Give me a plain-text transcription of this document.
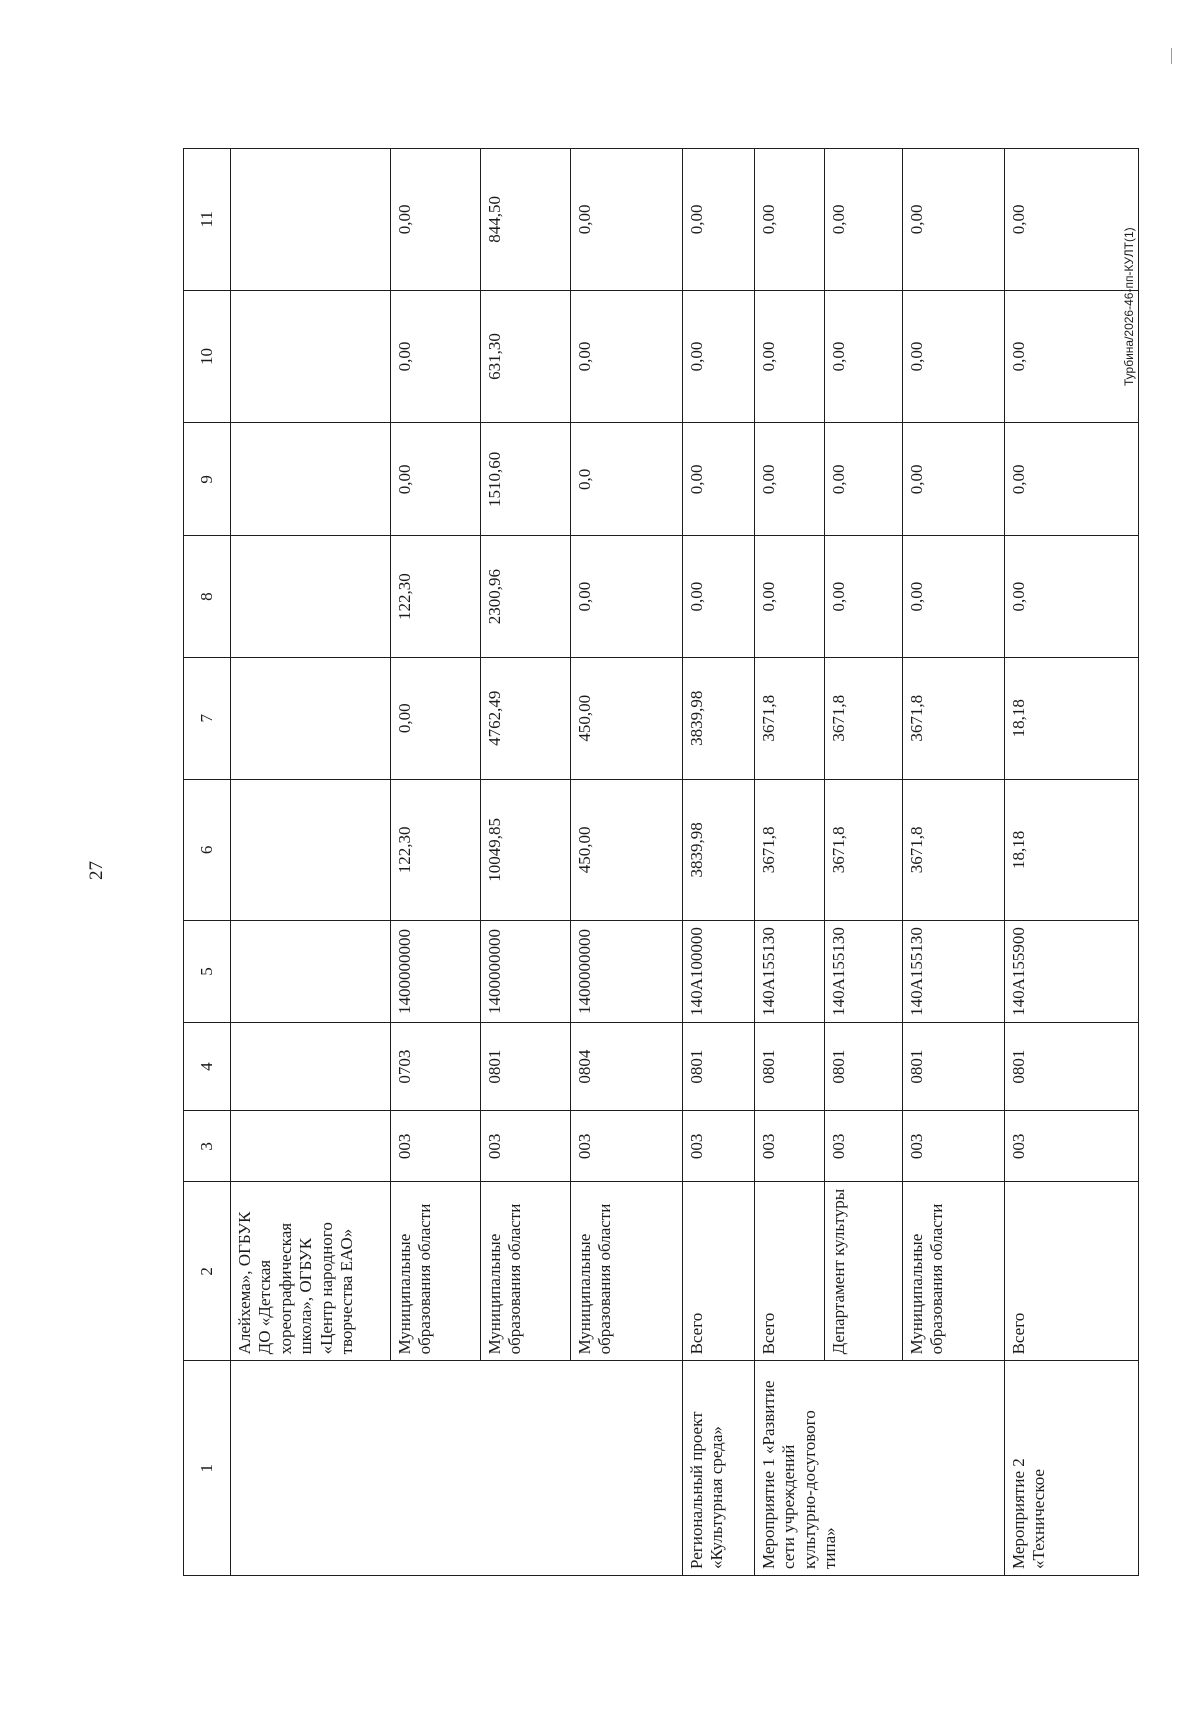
27
Турбина/2026-46-пп-КУЛТ(1)
1	2	3	4	5	6	7	8	9	10	11
	Алейхема», ОГБУК ДО «Детская хореографическая школа», ОГБУК «Центр народного творчества ЕАО»									
	Муниципальные образования области	003	0703	1400000000	122,30	0,00	122,30	0,00	0,00	0,00
	Муниципальные образования области	003	0801	1400000000	10049,85	4762,49	2300,96	1510,60	631,30	844,50
	Муниципальные образования области	003	0804	1400000000	450,00	450,00	0,00	0,0	0,00	0,00
Региональный проект «Культурная среда»	Всего	003	0801	140A100000	3839,98	3839,98	0,00	0,00	0,00	0,00
Мероприятие 1 «Развитие сети учреждений культурно-досугового типа»	Всего	003	0801	140A155130	3671,8	3671,8	0,00	0,00	0,00	0,00
	Департамент культуры	003	0801	140A155130	3671,8	3671,8	0,00	0,00	0,00	0,00
	Муниципальные образования области	003	0801	140A155130	3671,8	3671,8	0,00	0,00	0,00	0,00
Мероприятие 2 «Техническое	Всего	003	0801	140A155900	18,18	18,18	0,00	0,00	0,00	0,00
